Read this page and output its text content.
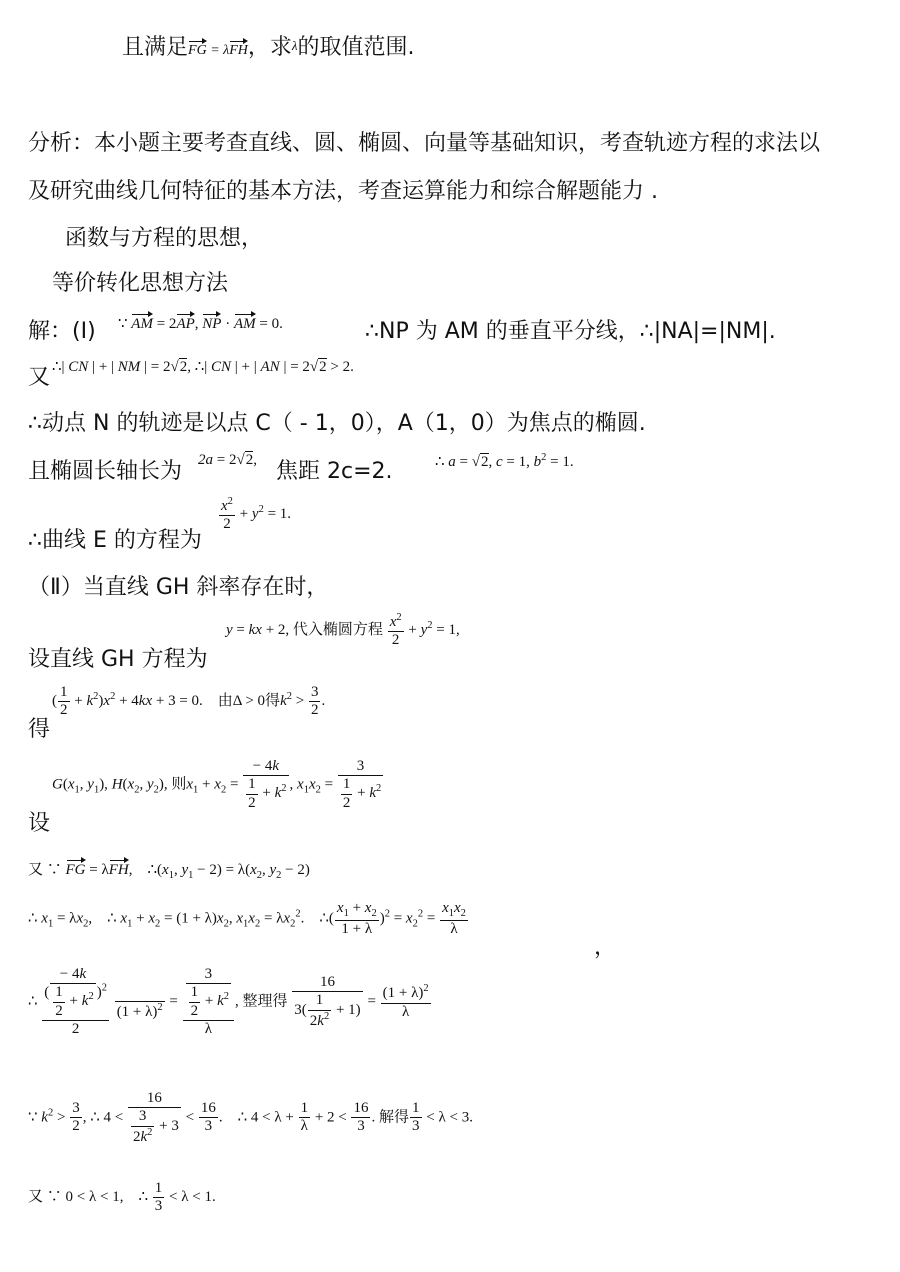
且满足FG = λFH，求λ的取值范围.
分析：本小题主要考查直线、圆、椭圆、向量等基础知识，考查轨迹方程的求法以
及研究曲线几何特征的基本方法，考查运算能力和综合解题能力 .
函数与方程的思想，
等价转化思想方法
解：(Ⅰ) ∵ AM = 2AP, NP · AM = 0.	∴NP 为 AM 的垂直平分线，∴|NA|=|NM|.
又 ∴| CN | + | NM | = 2√2, ∴| CN | + | AN | = 2√2 > 2.
∴动点 N 的轨迹是以点 C（ - 1，0），A（1，0）为焦点的椭圆.
且椭圆长轴长为 2a = 2√2, 焦距 2c=2.	∴ a = √2, c = 1, $b^2 = 1$.
∴曲线 E 的方程为
$\frac{x^2}{2} + y^2 = 1$.
（Ⅱ）当直线 GH 斜率存在时，
设直线 GH 方程为
y = kx + 2, 代入椭圆方程 $\frac{x^2}{2} + y^2 = 1$,
得
( $\frac{1}{2} + k^2)x^2 + 4kx + 3 = 0$.    由Δ > 0得$k^2 > \frac{3}{2}$ .
$G(x_1$, $y_1$), $H(x_2$, $y_2$), 则$x_1 + x_2 = \frac{- 4k}{\frac{1}{2} + k^2}$ , $x_1x_2 = \frac{3}{\frac{1}{2} + k^2}$
设
又 ∵ FG = λFH,    $\therefore(x_1$, $y_1 - 2) = \lambda(x_2$, $y_2 - 2$)
∴ $x_1 = \lambda x_2$,    ∴ $x_1 + x_2 = (1 + \lambda)x_2$, $x_1x_2 = \lambda x_2^2$.    ∴( $\frac{x_1 + x_2}{1 + \lambda} )^2 = x_2^2 = \frac{x_1x_2}{\lambda}$
，
∴ $\frac{( \frac{- 4k}{\frac{1}{2} + k^2} )^2}{2}$

$(1 + \lambda)^2 = \frac{\frac{3}{\frac{1}{2} + k^2}}{\lambda}$ , 整理得 $\frac{16}{3( \frac{1}{2k^2} + 1)} = \frac{(1 + \lambda)^2}{\lambda}$
∵ $k^2 > \frac{3}{2}$ , ∴ $4 < \frac{16}{\frac{3}{2k^2} + 3} < \frac{16}{3}$ .    ∴ $4 < \lambda + \frac{1}{\lambda} + 2 < \frac{16}{3}$ . 解得 $\frac{1}{3} < \lambda < 3$.
又 ∵ 0 < λ < 1,    ∴ $\frac{1}{3} < \lambda < 1$.
